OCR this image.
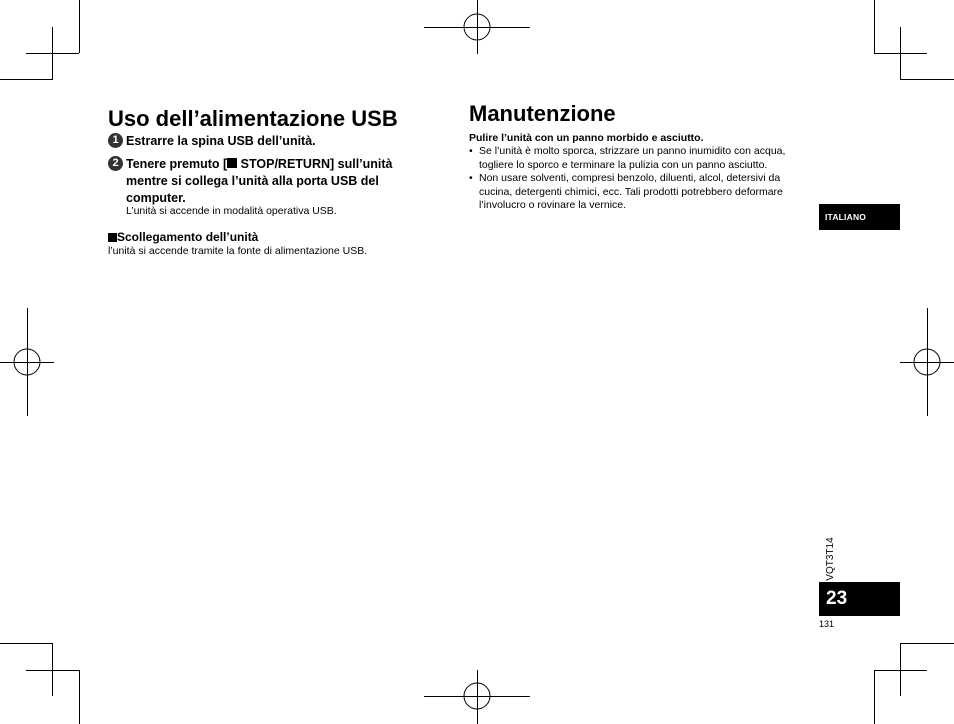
Uso dell’alimentazione USB
1 Estrarre la spina USB dell’unità.
2 Tenere premuto [ STOP/RETURN] sull’unità mentre si collega l’unità alla porta USB del computer.
L’unità si accende in modalità operativa USB.
Scollegamento dell’unità
l’unità si accende tramite la fonte di alimentazione USB.
Manutenzione
Pulire l’unità con un panno morbido e asciutto.
• Se l’unità è molto sporca, strizzare un panno inumidito con acqua, togliere lo sporco e terminare la pulizia con un panno asciutto.
• Non usare solventi, compresi benzolo, diluenti, alcol, detersivi da cucina, detergenti chimici, ecc. Tali prodotti potrebbero deformare l’involucro o rovinare la vernice.
ITALIANO
VQT3T14
23
131
